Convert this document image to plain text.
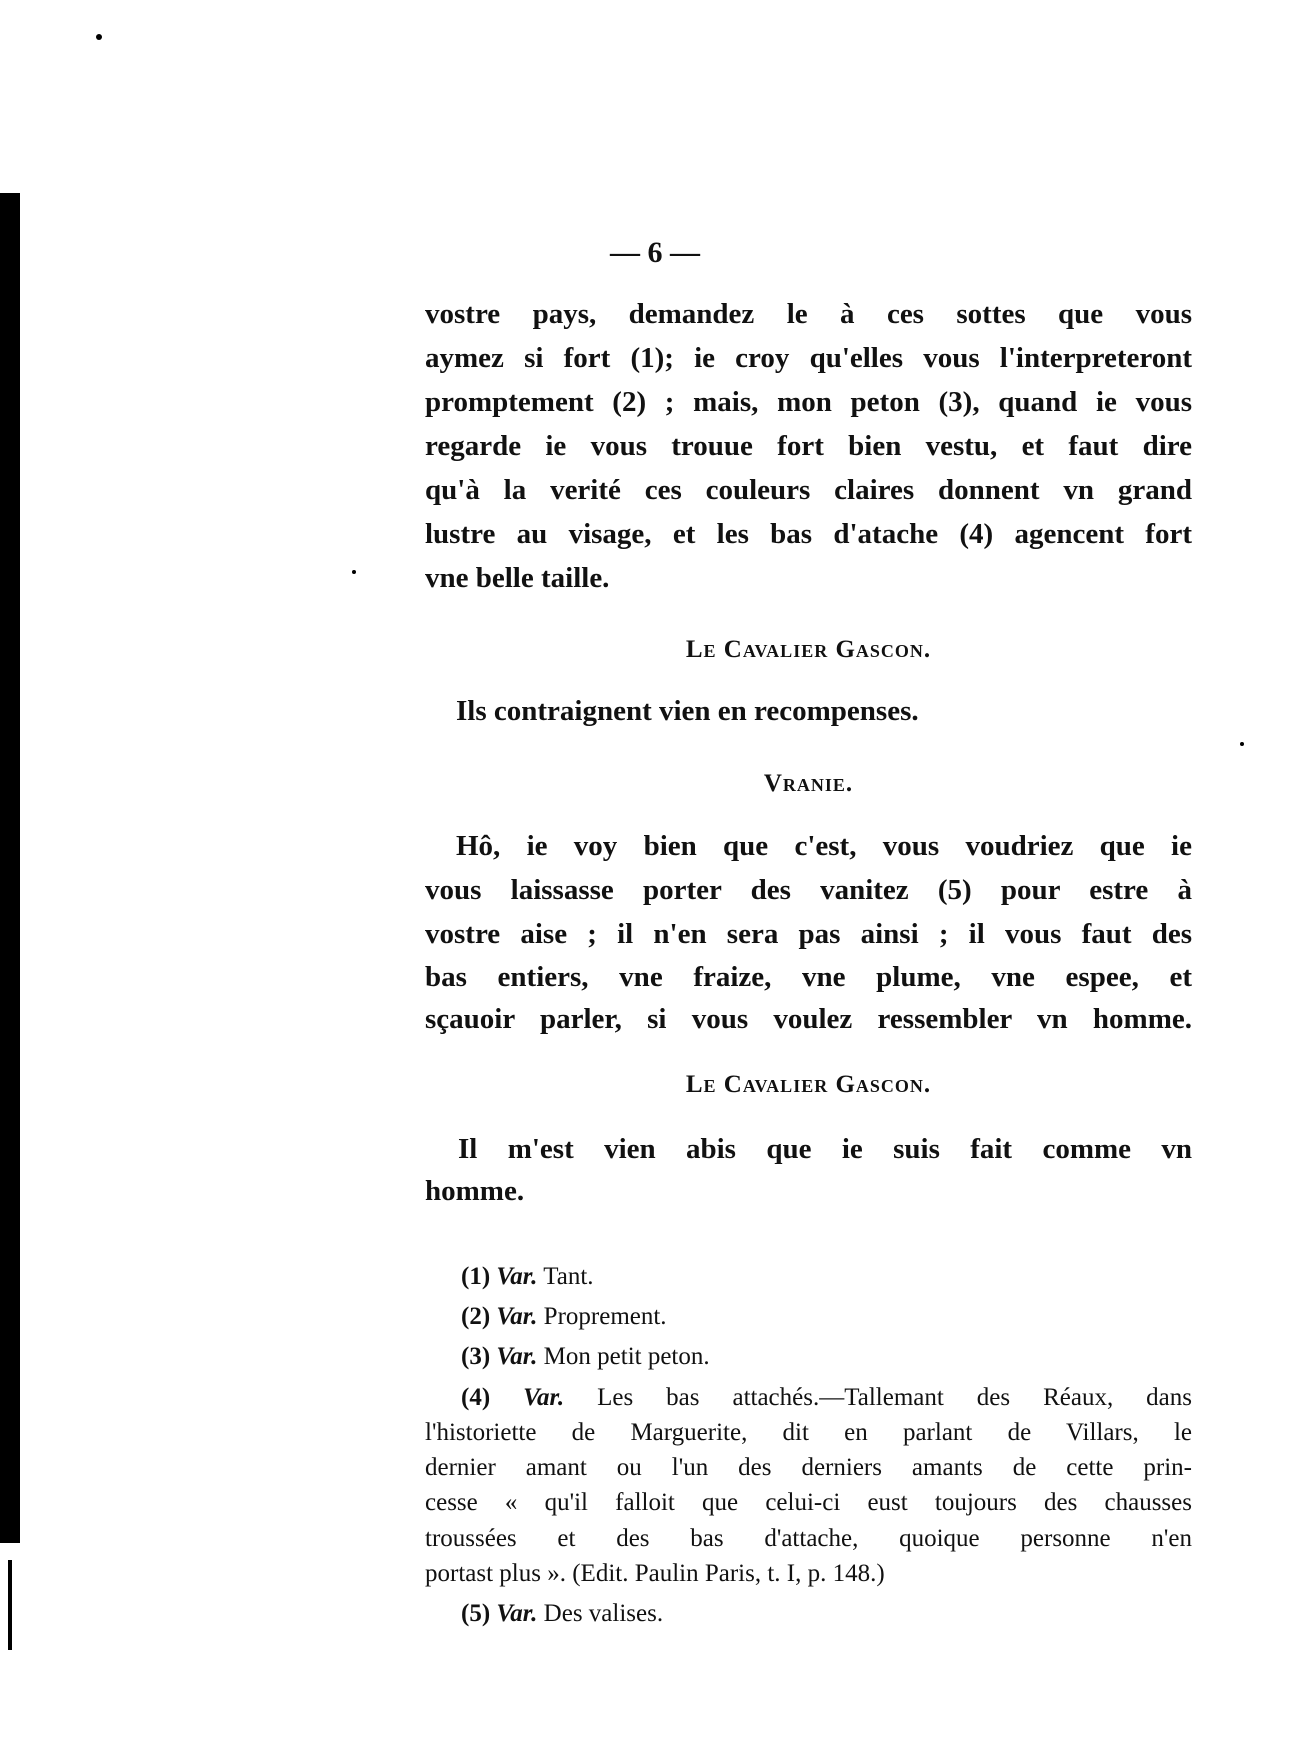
— 6 —
vostre pays, demandez le à ces sottes que vous
aymez si fort (1); ie croy qu'elles vous l'interpreteront
promptement (2) ; mais, mon peton (3), quand ie vous
regarde ie vous trouue fort bien vestu, et faut dire
qu'à la verité ces couleurs claires donnent vn grand
lustre au visage, et les bas d'atache (4) agencent fort
vne belle taille.
Le Cavalier Gascon.
Ils contraignent vien en recompenses.
Vranie.
Hô, ie voy bien que c'est, vous voudriez que ie
vous laissasse porter des vanitez (5) pour estre à
vostre aise ; il n'en sera pas ainsi ; il vous faut des
bas entiers, vne fraize, vne plume, vne espee, et
sçauoir parler, si vous voulez ressembler vn homme.
Le Cavalier Gascon.
Il m'est vien abis que ie suis fait comme vn
homme.
(1) Var. Tant.
(2) Var. Proprement.
(3) Var. Mon petit peton.
(4) Var. Les bas attachés.—Tallemant des Réaux, dans
l'historiette de Marguerite, dit en parlant de Villars, le
dernier amant ou l'un des derniers amants de cette prin-
cesse « qu'il falloit que celui-ci eust toujours des chausses
troussées et des bas d'attache, quoique personne n'en
portast plus ». (Edit. Paulin Paris, t. I, p. 148.)
(5) Var. Des valises.
